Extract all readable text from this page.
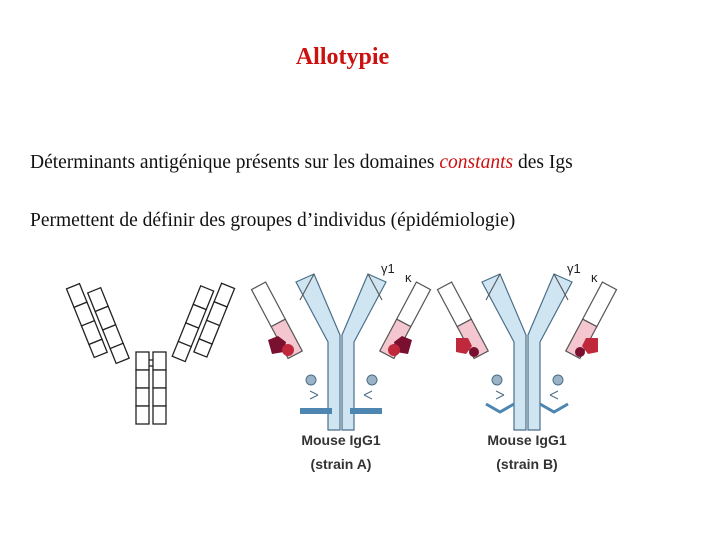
Allotypie
Déterminants antigénique présents sur les domaines constants des Igs
Permettent de définir des groupes d’individus (épidémiologie)
γ1
κ
Mouse IgG1
(strain A)
γ1
κ
Mouse IgG1
(strain B)
